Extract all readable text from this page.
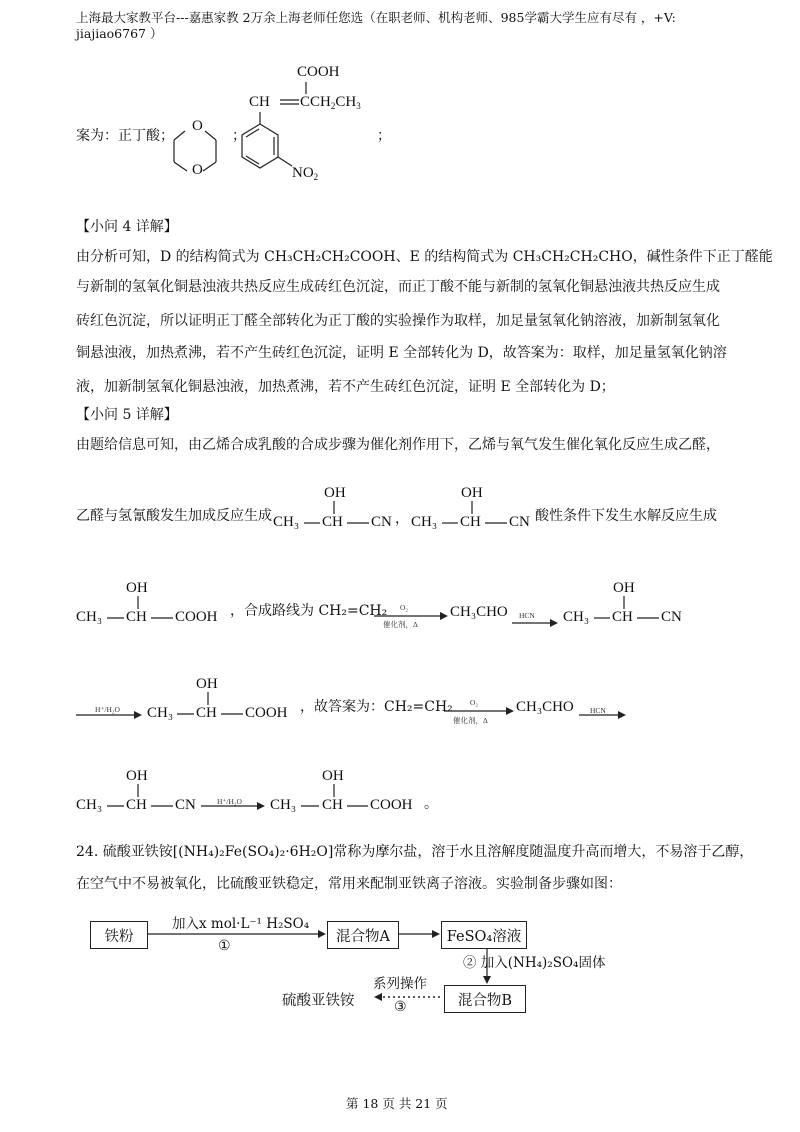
上海最大家教平台---嘉惠家教 2万余上海老师任您选（在职老师、机构老师、985学霸大学生应有尽有 ，+V:
jiajiao6767 ）
案为：正丁酸；
O
O
；
COOH
CH $CCH_2CH_3$
$NO_2$
；
【小问 4 详解】
由分析可知，D 的结构简式为 CH₃CH₂CH₂COOH、E 的结构简式为 CH₃CH₂CH₂CHO，碱性条件下正丁醛能
与新制的氢氧化铜悬浊液共热反应生成砖红色沉淀，而正丁酸不能与新制的氢氧化铜悬浊液共热反应生成
砖红色沉淀，所以证明正丁醛全部转化为正丁酸的实验操作为取样，加足量氢氧化钠溶液，加新制氢氧化
铜悬浊液，加热煮沸，若不产生砖红色沉淀，证明 E 全部转化为 D，故答案为：取样，加足量氢氧化钠溶
液，加新制氢氧化铜悬浊液，加热煮沸，若不产生砖红色沉淀，证明 E 全部转化为 D；
【小问 5 详解】
由题给信息可知，由乙烯合成乳酸的合成步骤为催化剂作用下，乙烯与氧气发生催化氧化反应生成乙醛，
乙醛与氢氰酸发生加成反应生成
OH
CH₃ CH CN ，
OH
CH₃ CH CN 酸性条件下发生水解反应生成
OH
CH₃ CH COOH ，合成路线为 CH₂=CH₂ O₂
催化剂，Δ
CH₃CHO HCN
OH
CH₃ CH CN
H⁺/H₂O
OH
CH₃ CH COOH ，故答案为：CH₂=CH₂ O₂
催化剂，Δ
CH₃CHO HCN
OH
CH₃ CH CN	H⁺/H₂O
OH
CH₃ CH COOH 。
24. 硫酸亚铁铵[(NH₄)₂Fe(SO₄)₂·6H₂O]常称为摩尔盐，溶于水且溶解度随温度升高而增大，不易溶于乙醇，
在空气中不易被氧化，比硫酸亚铁稳定，常用来配制亚铁离子溶液。实验制备步骤如图：
铁粉
加入x mol·L⁻¹ H₂SO₄
①
混合物A	FeSO₄溶液
② 加入(NH₄)₂SO₄固体
混合物B
系列操作
③
硫酸亚铁铵
第 18 页 共 21 页
